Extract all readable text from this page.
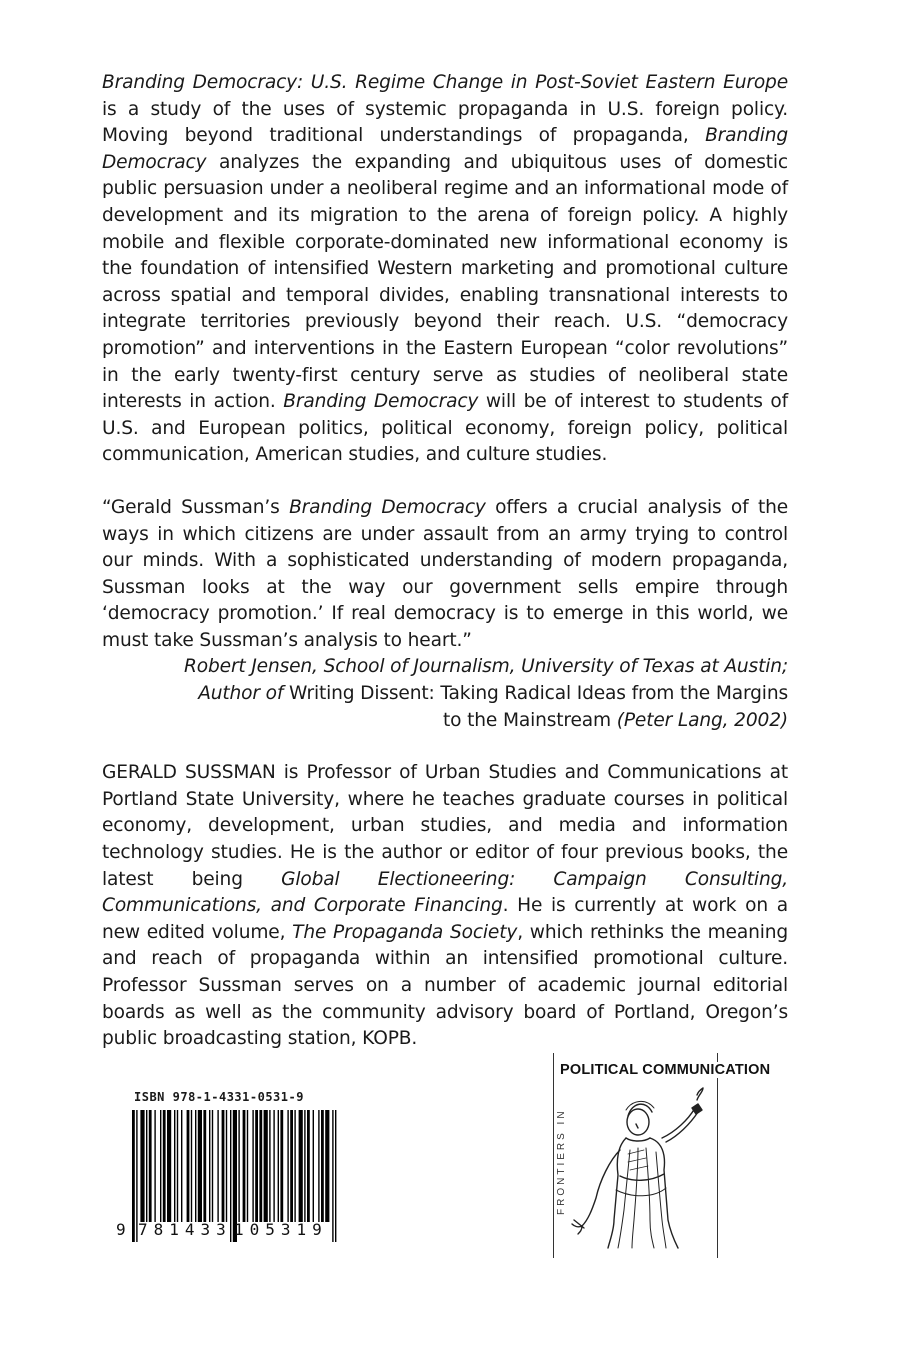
Branding Democracy: U.S. Regime Change in Post-Soviet Eastern Europe is a study of the uses of systemic propaganda in U.S. foreign policy. Moving beyond traditional understandings of propaganda, Branding Democracy analyzes the expanding and ubiquitous uses of domestic public persuasion under a neoliberal regime and an informational mode of development and its migration to the arena of foreign policy. A highly mobile and flexible corporate-dominated new informational economy is the foundation of intensified Western marketing and promotional culture across spatial and temporal divides, enabling transnational interests to integrate territories previously beyond their reach. U.S. “democracy promotion” and interventions in the Eastern European “color revolutions” in the early twenty-first century serve as studies of neoliberal state interests in action. Branding Democracy will be of interest to students of U.S. and European politics, political economy, foreign policy, political communication, American studies, and culture studies.

“Gerald Sussman’s Branding Democracy offers a crucial analysis of the ways in which citizens are under assault from an army trying to control our minds. With a sophisticated understanding of modern propaganda, Sussman looks at the way our government sells empire through ‘democracy promotion.’ If real democracy is to emerge in this world, we must take Sussman’s analysis to heart.”

Robert Jensen, School of Journalism, University of Texas at Austin;
Author of Writing Dissent: Taking Radical Ideas from the Margins
to the Mainstream (Peter Lang, 2002)

GERALD SUSSMAN is Professor of Urban Studies and Communications at Portland State University, where he teaches graduate courses in political economy, development, urban studies, and media and information technology studies. He is the author or editor of four previous books, the latest being Global Electioneering: Campaign Consulting, Communications, and Corporate Financing. He is currently at work on a new edited volume, The Propaganda Society, which rethinks the meaning and reach of propaganda within an intensified promotional culture. Professor Sussman serves on a number of academic journal editorial boards as well as the community advisory board of Portland, Oregon’s public broadcasting station, KOPB.

ISBN 978-1-4331-0531-9
9 781433 105319
POLITICAL COMMUNICATION
FRONTIERS IN
